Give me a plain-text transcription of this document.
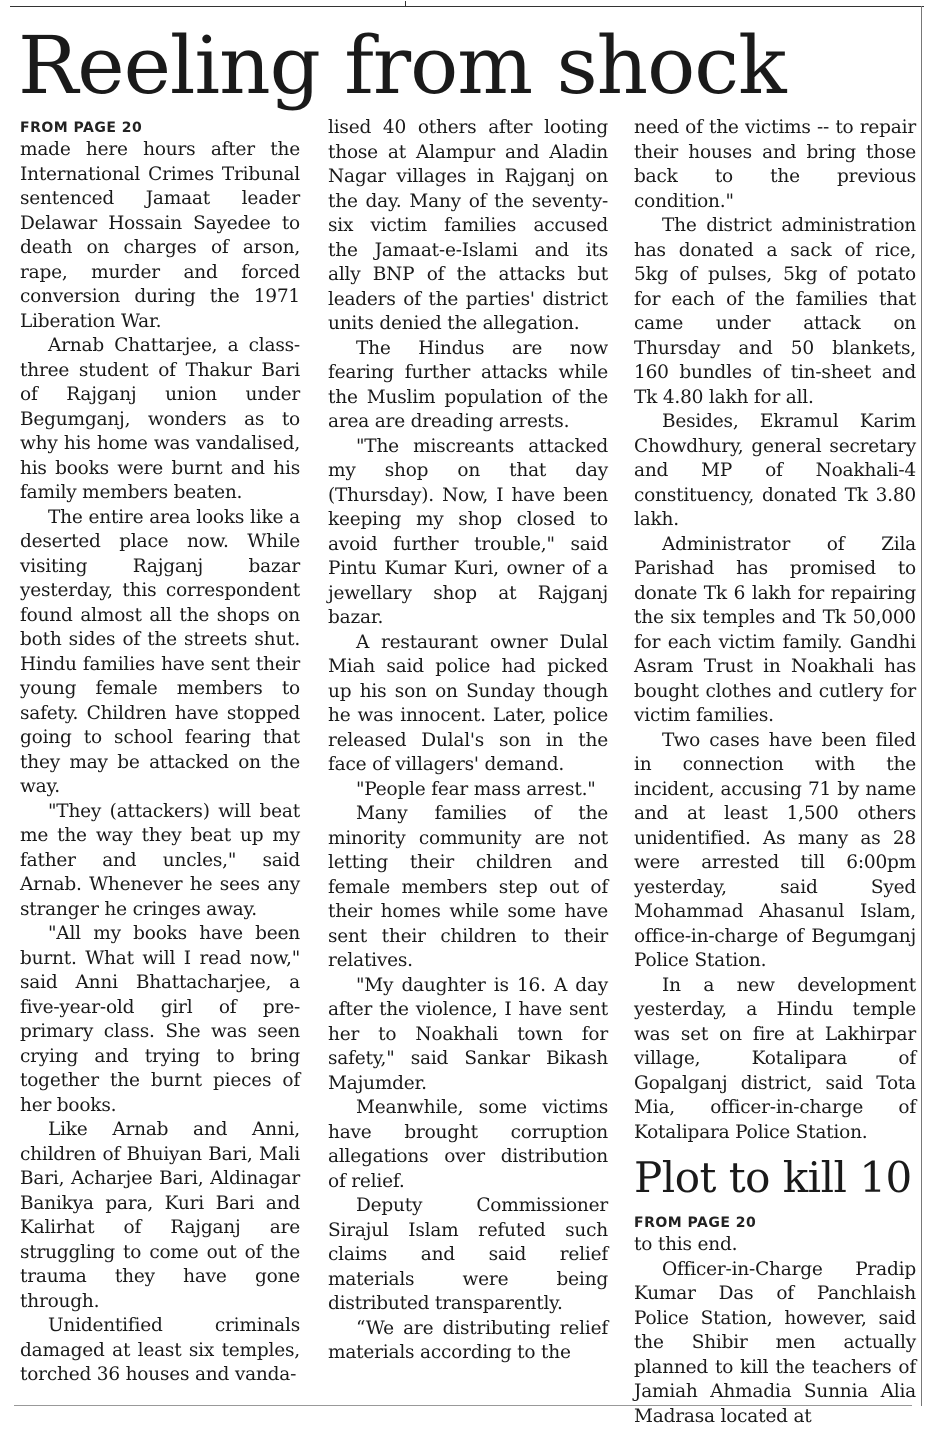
Reeling from shock
FROM PAGE 20

made here hours after the International Crimes Tribunal sentenced Jamaat leader Delawar Hossain Sayedee to death on charges of arson, rape, murder and forced conversion during the 1971 Liberation War.

Arnab Chattarjee, a class-three student of Thakur Bari of Rajganj union under Begumganj, wonders as to why his home was vandalised, his books were burnt and his family members beaten.

The entire area looks like a deserted place now. While visiting Rajganj bazar yesterday, this correspondent found almost all the shops on both sides of the streets shut. Hindu families have sent their young female members to safety. Children have stopped going to school fearing that they may be attacked on the way.

"They (attackers) will beat me the way they beat up my father and uncles," said Arnab. Whenever he sees any stranger he cringes away.

"All my books have been burnt. What will I read now," said Anni Bhattacharjee, a five-year-old girl of pre-primary class. She was seen crying and trying to bring together the burnt pieces of her books.

Like Arnab and Anni, children of Bhuiyan Bari, Mali Bari, Acharjee Bari, Aldinagar Banikya para, Kuri Bari and Kalirhat of Rajganj are struggling to come out of the trauma they have gone through.

Unidentified criminals damaged at least six temples, torched 36 houses and vanda-

lised 40 others after looting those at Alampur and Aladin Nagar villages in Rajganj on the day. Many of the seventy-six victim families accused the Jamaat-e-Islami and its ally BNP of the attacks but leaders of the parties' district units denied the allegation.

The Hindus are now fearing further attacks while the Muslim population of the area are dreading arrests.

"The miscreants attacked my shop on that day (Thursday). Now, I have been keeping my shop closed to avoid further trouble," said Pintu Kumar Kuri, owner of a jewellary shop at Rajganj bazar.

A restaurant owner Dulal Miah said police had picked up his son on Sunday though he was innocent. Later, police released Dulal's son in the face of villagers' demand.

"People fear mass arrest."

Many families of the minority community are not letting their children and female members step out of their homes while some have sent their children to their relatives.

"My daughter is 16. A day after the violence, I have sent her to Noakhali town for safety," said Sankar Bikash Majumder.

Meanwhile, some victims have brought corruption allegations over distribution of relief.

Deputy Commissioner Sirajul Islam refuted such claims and said relief materials were being distributed transparently.

“We are distributing relief materials according to the

need of the victims -- to repair their houses and bring those back to the previous condition."

The district administration has donated a sack of rice, 5kg of pulses, 5kg of potato for each of the families that came under attack on Thursday and 50 blankets, 160 bundles of tin-sheet and Tk 4.80 lakh for all.

Besides, Ekramul Karim Chowdhury, general secretary and MP of Noakhali-4 constituency, donated Tk 3.80 lakh.

Administrator of Zila Parishad has promised to donate Tk 6 lakh for repairing the six temples and Tk 50,000 for each victim family. Gandhi Asram Trust in Noakhali has bought clothes and cutlery for victim families.

Two cases have been filed in connection with the incident, accusing 71 by name and at least 1,500 others unidentified. As many as 28 were arrested till 6:00pm yesterday, said Syed Mohammad Ahasanul Islam, office-in-charge of Begumganj Police Station.

In a new development yesterday, a Hindu temple was set on fire at Lakhirpar village, Kotalipara of Gopalganj district, said Tota Mia, officer-in-charge of Kotalipara Police Station.

Plot to kill 10
FROM PAGE 20

to this end.

Officer-in-Charge Pradip Kumar Das of Panchlaish Police Station, however, said the Shibir men actually planned to kill the teachers of Jamiah Ahmadia Sunnia Alia Madrasa located at
